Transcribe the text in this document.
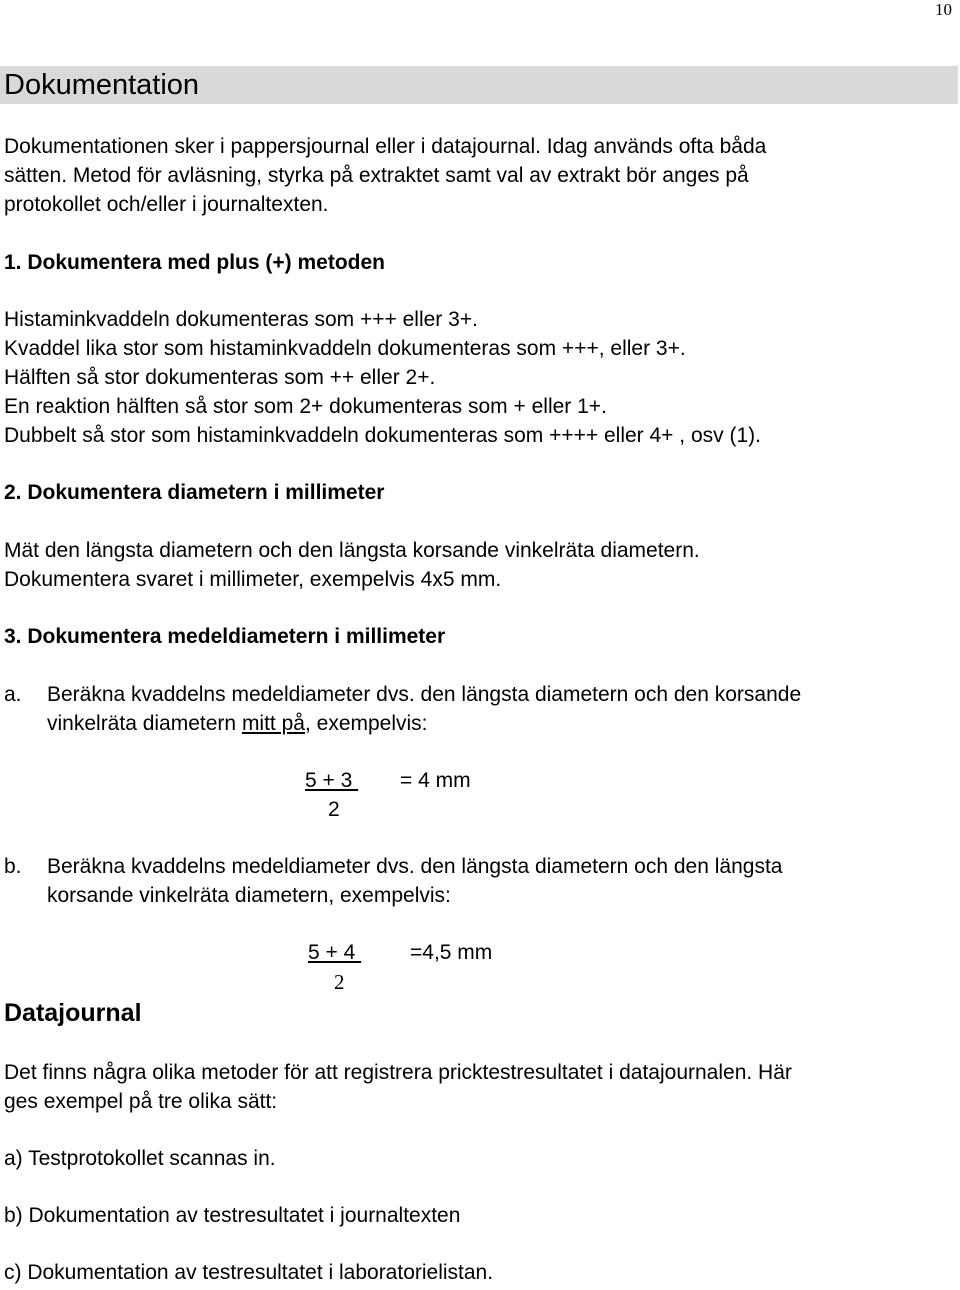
10
Dokumentation
Dokumentationen sker i pappersjournal eller i datajournal. Idag används ofta båda
sätten. Metod för avläsning, styrka på extraktet samt val av extrakt bör anges på
protokollet och/eller i journaltexten.
1. Dokumentera med plus (+) metoden
Histaminkvaddeln dokumenteras som +++ eller 3+.
Kvaddel lika stor som histaminkvaddeln dokumenteras som +++, eller 3+.
Hälften så stor dokumenteras som ++ eller 2+.
En reaktion hälften så stor som 2+ dokumenteras som + eller 1+.
Dubbelt så stor som histaminkvaddeln dokumenteras som ++++ eller 4+ , osv (1).
2. Dokumentera diametern i millimeter
Mät den längsta diametern och den längsta korsande vinkelräta diametern.
Dokumentera svaret i millimeter, exempelvis 4x5 mm.
3. Dokumentera medeldiametern i millimeter
a. Beräkna kvaddelns medeldiameter dvs. den längsta diametern och den korsande
vinkelräta diametern mitt på, exempelvis:
5 + 3
2
= 4 mm
b. Beräkna kvaddelns medeldiameter dvs. den längsta diametern och den längsta
korsande vinkelräta diametern, exempelvis:
5 + 4
2
=4,5 mm
Datajournal
Det finns några olika metoder för att registrera pricktestresultatet i datajournalen. Här
ges exempel på tre olika sätt:
a) Testprotokollet scannas in.
b) Dokumentation av testresultatet i journaltexten
c) Dokumentation av testresultatet i laboratorielistan.
